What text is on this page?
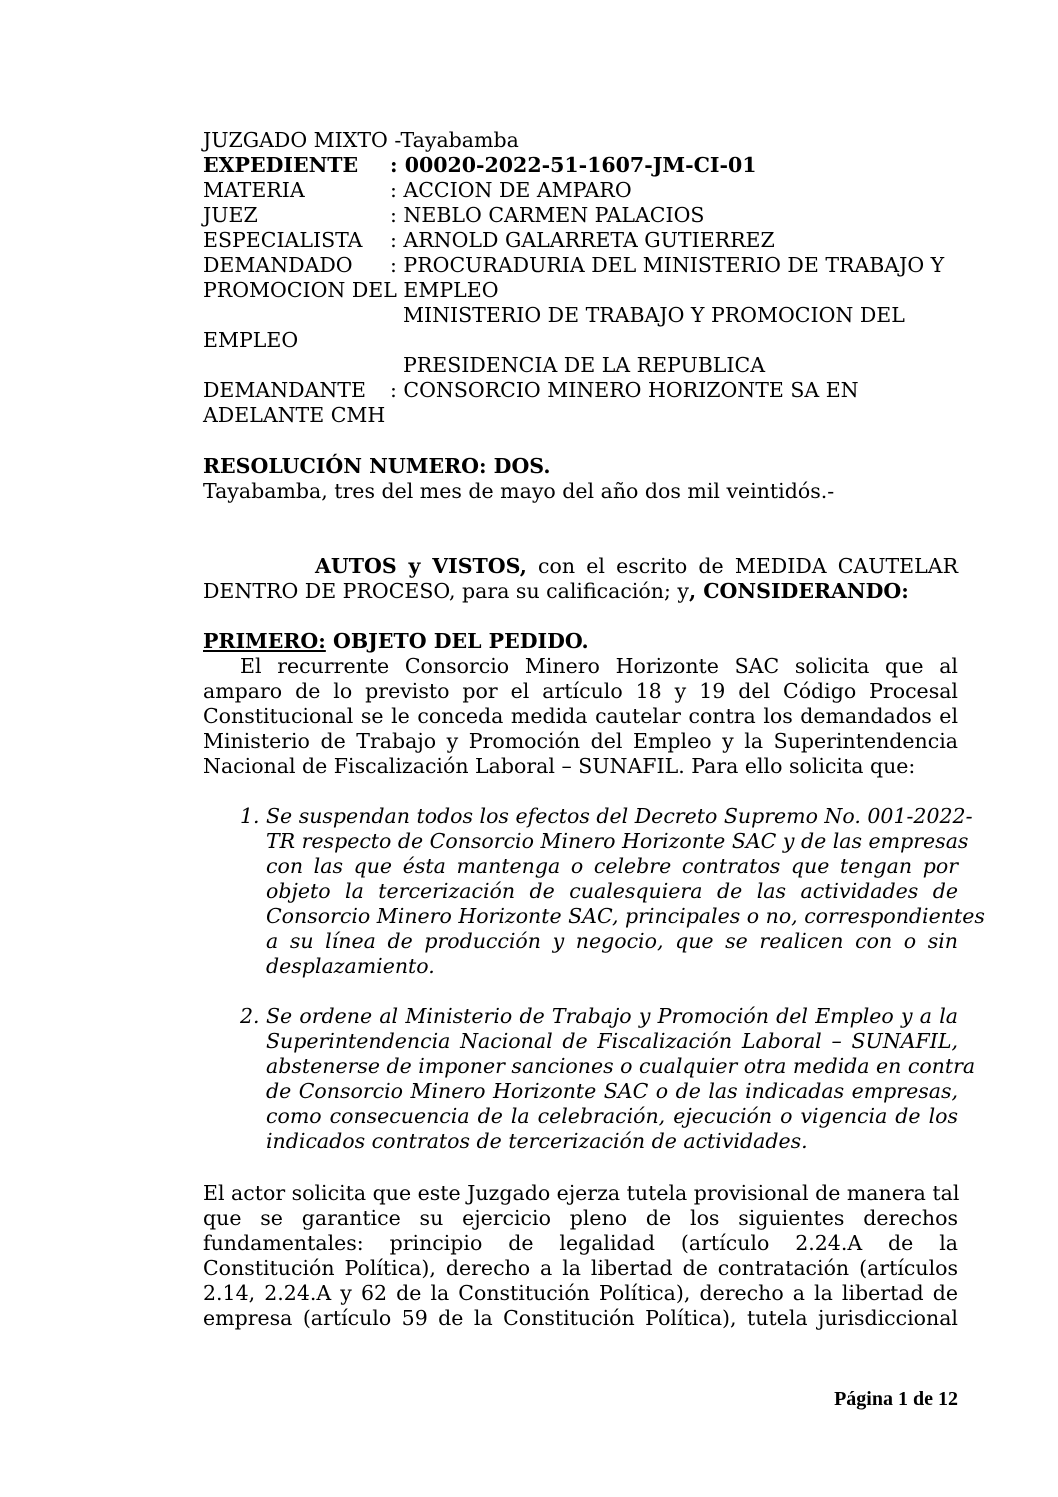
JUZGADO MIXTO -Tayabamba
EXPEDIENTE : 00020-2022-51-1607-JM-CI-01
MATERIA	: ACCION DE AMPARO
JUEZ	: NEBLO CARMEN PALACIOS
ESPECIALISTA : ARNOLD GALARRETA GUTIERREZ
DEMANDADO : PROCURADURIA DEL MINISTERIO DE TRABAJO Y
PROMOCION DEL EMPLEO
MINISTERIO DE TRABAJO Y PROMOCION DEL
EMPLEO
PRESIDENCIA DE LA REPUBLICA
DEMANDANTE : CONSORCIO MINERO HORIZONTE SA EN
ADELANTE CMH
RESOLUCIÓN NUMERO: DOS.
Tayabamba, tres del mes de mayo del año dos mil veintidós.-
AUTOS y VISTOS, con el escrito de MEDIDA CAUTELAR
DENTRO DE PROCESO, para su calificación; y, CONSIDERANDO:
PRIMERO: OBJETO DEL PEDIDO.
El recurrente Consorcio Minero Horizonte SAC solicita que al
amparo de lo previsto por el artículo 18 y 19 del Código Procesal
Constitucional se le conceda medida cautelar contra los demandados el
Ministerio de Trabajo y Promoción del Empleo y la Superintendencia
Nacional de Fiscalización Laboral – SUNAFIL. Para ello solicita que:
1. Se suspendan todos los efectos del Decreto Supremo No. 001-2022-
TR respecto de Consorcio Minero Horizonte SAC y de las empresas
con las que ésta mantenga o celebre contratos que tengan por
objeto la tercerización de cualesquiera de las actividades de
Consorcio Minero Horizonte SAC, principales o no, correspondientes
a su línea de producción y negocio, que se realicen con o sin
desplazamiento.
2. Se ordene al Ministerio de Trabajo y Promoción del Empleo y a la
Superintendencia Nacional de Fiscalización Laboral – SUNAFIL,
abstenerse de imponer sanciones o cualquier otra medida en contra
de Consorcio Minero Horizonte SAC o de las indicadas empresas,
como consecuencia de la celebración, ejecución o vigencia de los
indicados contratos de tercerización de actividades.
El actor solicita que este Juzgado ejerza tutela provisional de manera tal
que se garantice su ejercicio pleno de los siguientes derechos
fundamentales: principio de legalidad (artículo 2.24.A de la
Constitución Política), derecho a la libertad de contratación (artículos
2.14, 2.24.A y 62 de la Constitución Política), derecho a la libertad de
empresa (artículo 59 de la Constitución Política), tutela jurisdiccional
Página 1 de 12
